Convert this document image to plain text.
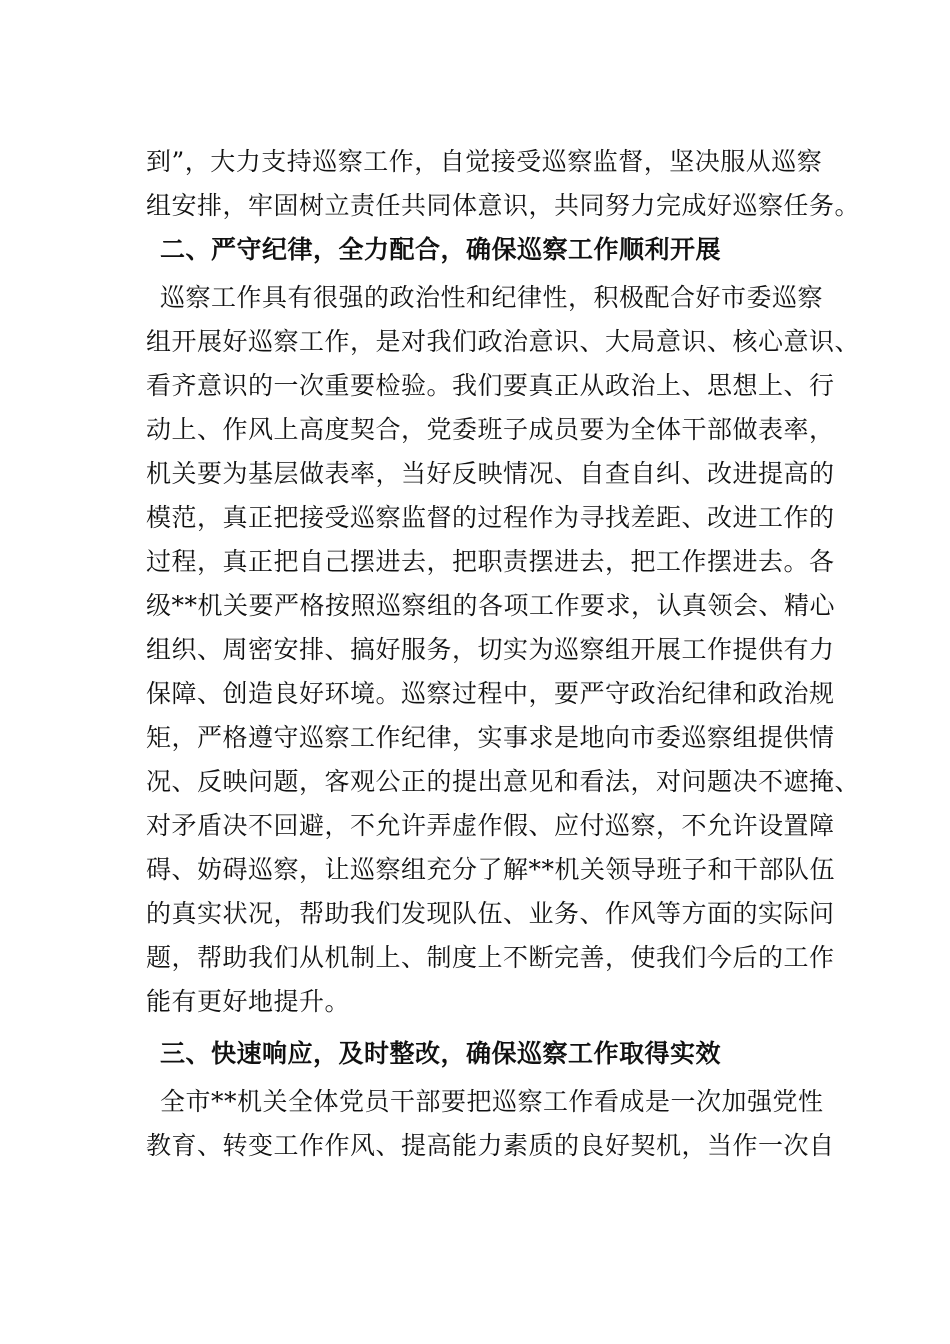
到”，大力支持巡察工作，自觉接受巡察监督，坚决服从巡察
组安排，牢固树立责任共同体意识，共同努力完成好巡察任务。
二、严守纪律，全力配合，确保巡察工作顺利开展
巡察工作具有很强的政治性和纪律性，积极配合好市委巡察
组开展好巡察工作，是对我们政治意识、大局意识、核心意识、
看齐意识的一次重要检验。我们要真正从政治上、思想上、行
动上、作风上高度契合，党委班子成员要为全体干部做表率，
机关要为基层做表率，当好反映情况、自查自纠、改进提高的
模范，真正把接受巡察监督的过程作为寻找差距、改进工作的
过程，真正把自己摆进去，把职责摆进去，把工作摆进去。各
级**机关要严格按照巡察组的各项工作要求，认真领会、精心
组织、周密安排、搞好服务，切实为巡察组开展工作提供有力
保障、创造良好环境。巡察过程中，要严守政治纪律和政治规
矩，严格遵守巡察工作纪律，实事求是地向市委巡察组提供情
况、反映问题，客观公正的提出意见和看法，对问题决不遮掩、
对矛盾决不回避，不允许弄虚作假、应付巡察，不允许设置障
碍、妨碍巡察，让巡察组充分了解**机关领导班子和干部队伍
的真实状况，帮助我们发现队伍、业务、作风等方面的实际问
题，帮助我们从机制上、制度上不断完善，使我们今后的工作
能有更好地提升。
三、快速响应，及时整改，确保巡察工作取得实效
全市**机关全体党员干部要把巡察工作看成是一次加强党性
教育、转变工作作风、提高能力素质的良好契机，当作一次自
